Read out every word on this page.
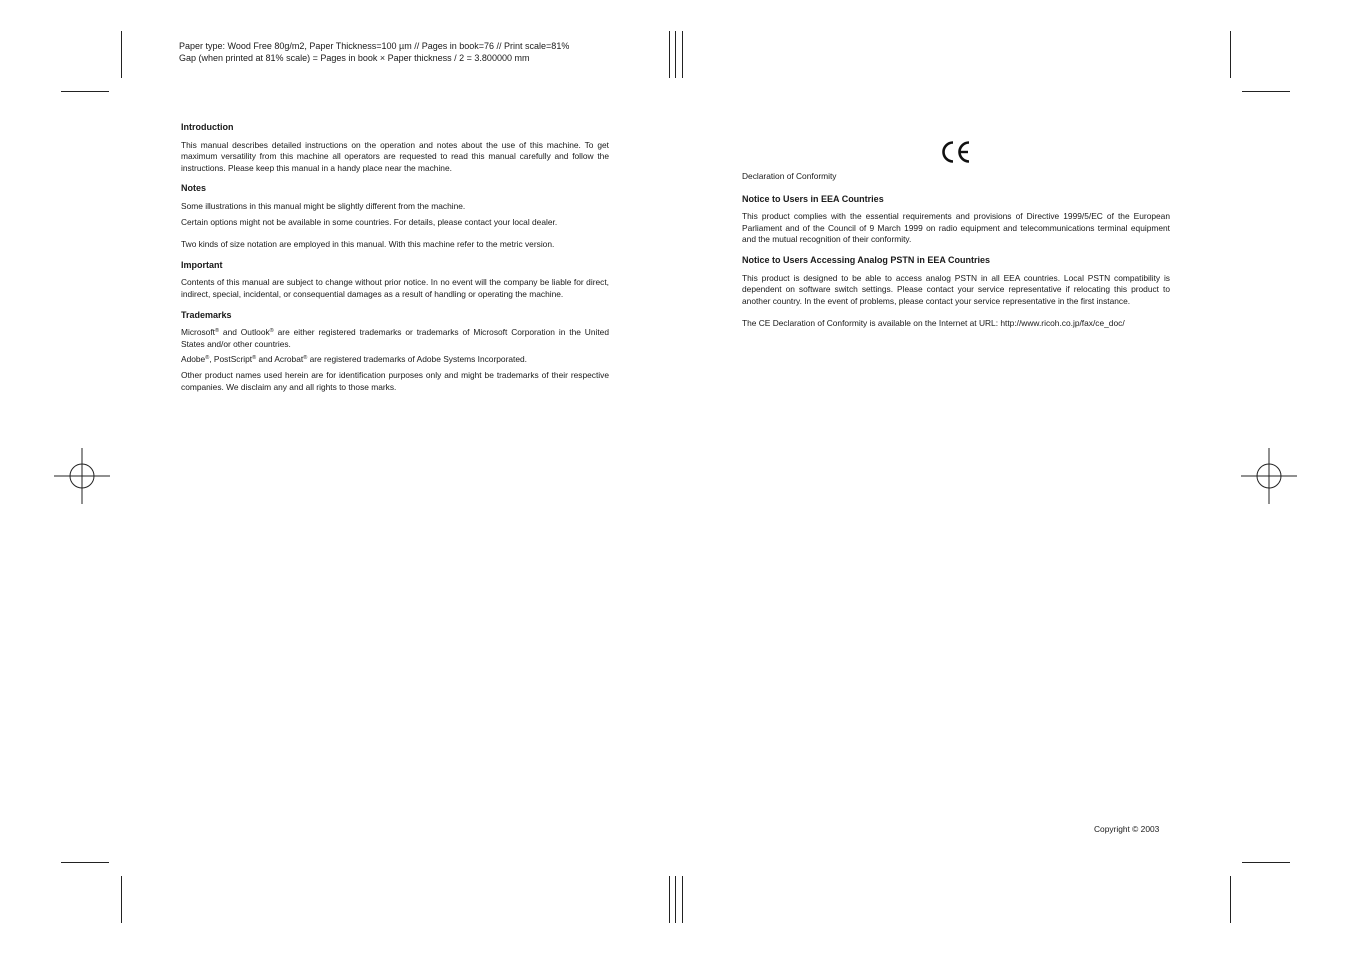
Paper type: Wood Free 80g/m2, Paper Thickness=100 µm // Pages in book=76 // Print scale=81%
Gap (when printed at 81% scale) = Pages in book × Paper thickness / 2 = 3.800000 mm
Introduction

This manual describes detailed instructions on the operation and notes about the use of this machine. To get maximum versatility from this machine all operators are requested to read this manual carefully and follow the instructions. Please keep this manual in a handy place near the machine.

Notes

Some illustrations in this manual might be slightly different from the machine.

Certain options might not be available in some countries. For details, please contact your local dealer.

Two kinds of size notation are employed in this manual. With this machine refer to the metric version.

Important

Contents of this manual are subject to change without prior notice. In no event will the company be liable for direct, indirect, special, incidental, or consequential damages as a result of handling or operating the machine.

Trademarks

Microsoft® and Outlook® are either registered trademarks or trademarks of Microsoft Corporation in the United States and/or other countries.

Adobe®, PostScript® and Acrobat® are registered trademarks of Adobe Systems Incorporated.

Other product names used herein are for identification purposes only and might be trademarks of their respective companies. We disclaim any and all rights to those marks.

Declaration of Conformity
Notice to Users in EEA Countries

This product complies with the essential requirements and provisions of Directive 1999/5/EC of the European Parliament and of the Council of 9 March 1999 on radio equipment and telecommunications terminal equipment and the mutual recognition of their conformity.

Notice to Users Accessing Analog PSTN in EEA Countries

This product is designed to be able to access analog PSTN in all EEA countries. Local PSTN compatibility is dependent on software switch settings. Please contact your service representative if relocating this product to another country. In the event of problems, please contact your service representative in the first instance.

The CE Declaration of Conformity is available on the Internet at URL: http://www.ricoh.co.jp/fax/ce_doc/

Copyright © 2003
